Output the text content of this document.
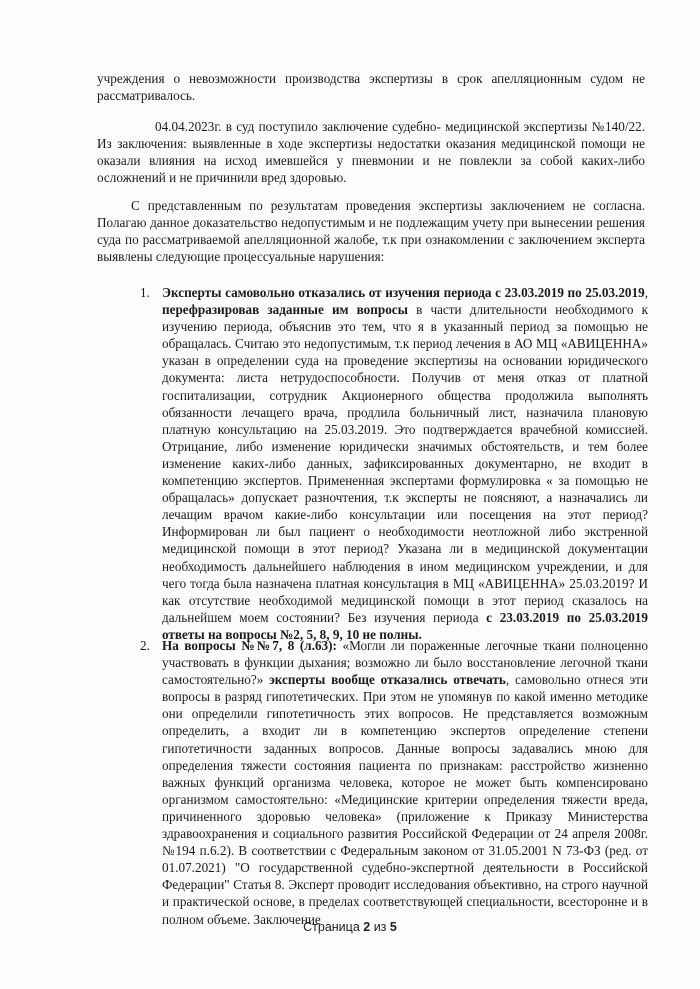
учреждения о невозможности производства экспертизы в срок апелляционным судом не рассматривалось.

04.04.2023г. в суд поступило заключение судебно- медицинской экспертизы №140/22. Из заключения: выявленные в ходе экспертизы недостатки оказания медицинской помощи не оказали влияния на исход имевшейся у пневмонии и не повлекли за собой каких-либо осложнений и не причинили вред здоровью.

С представленным по результатам проведения экспертизы заключением не согласна. Полагаю данное доказательство недопустимым и не подлежащим учету при вынесении решения суда по рассматриваемой апелляционной жалобе, т.к при ознакомлении с заключением эксперта выявлены следующие процессуальные нарушения:

1. Эксперты самовольно отказались от изучения периода с 23.03.2019 по 25.03.2019, перефразировав заданные им вопросы в части длительности необходимого к изучению периода, объяснив это тем, что я в указанный период за помощью не обращалась. Считаю это недопустимым, т.к период лечения в АО МЦ «АВИЦЕННА» указан в определении суда на проведение экспертизы на основании юридического документа: листа нетрудоспособности. Получив от меня отказ от платной госпитализации, сотрудник Акционерного общества продолжила выполнять обязанности лечащего врача, продлила больничный лист, назначила плановую платную консультацию на 25.03.2019. Это подтверждается врачебной комиссией. Отрицание, либо изменение юридически значимых обстоятельств, и тем более изменение каких-либо данных, зафиксированных документарно, не входит в компетенцию экспертов. Примененная экспертами формулировка « за помощью не обращалась» допускает разночтения, т.к эксперты не поясняют, а назначались ли лечащим врачом какие-либо консультации или посещения на этот период? Информирован ли был пациент о необходимости неотложной либо экстренной медицинской помощи в этот период? Указана ли в медицинской документации необходимость дальнейшего наблюдения в ином медицинском учреждении, и для чего тогда была назначена платная консультация в МЦ «АВИЦЕННА» 25.03.2019? И как отсутствие необходимой медицинской помощи в этот период сказалось на дальнейшем моем состоянии? Без изучения периода с 23.03.2019 по 25.03.2019 ответы на вопросы №2, 5, 8, 9, 10 не полны.
2. На вопросы №№7, 8 (л.63): «Могли ли пораженные легочные ткани полноценно участвовать в функции дыхания; возможно ли было восстановление легочной ткани самостоятельно?» эксперты вообще отказались отвечать, самовольно отнеся эти вопросы в разряд гипотетических. При этом не упомянув по какой именно методике они определили гипотетичность этих вопросов. Не представляется возможным определить, а входит ли в компетенцию экспертов определение степени гипотетичности заданных вопросов. Данные вопросы задавались мною для определения тяжести состояния пациента по признакам: расстройство жизненно важных функций организма человека, которое не может быть компенсировано организмом самостоятельно: «Медицинские критерии определения тяжести вреда, причиненного здоровью человека» (приложение к Приказу Министерства здравоохранения и социального развития Российской Федерации от 24 апреля 2008г. №194 п.6.2). В соответствии с Федеральным законом от 31.05.2001 N 73-ФЗ (ред. от 01.07.2021) "О государственной судебно-экспертной деятельности в Российской Федерации" Статья 8. Эксперт проводит исследования объективно, на строго научной и практической основе, в пределах соответствующей специальности, всесторонне и в полном объеме. Заключение
Страница 2 из 5
